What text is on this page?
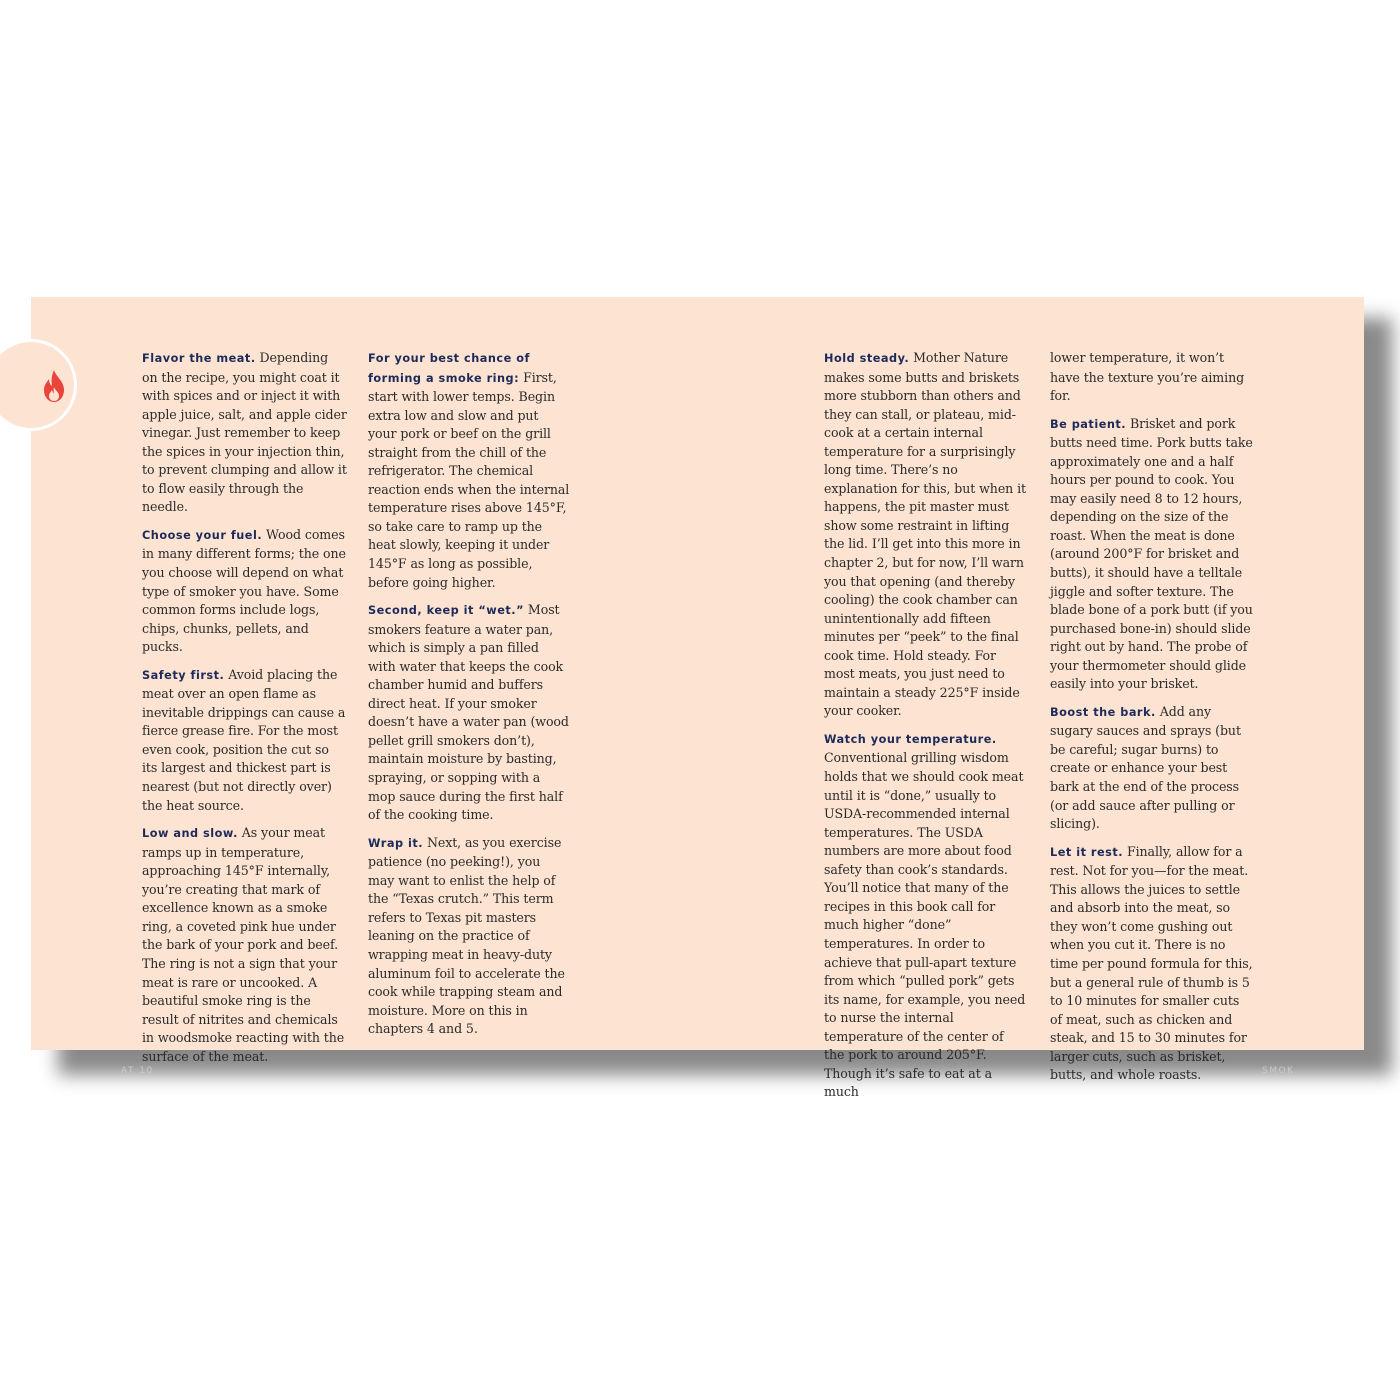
Flavor the meat. Depending on the recipe, you might coat it with spices and or inject it with apple juice, salt, and apple cider vinegar. Just remember to keep the spices in your injection thin, to prevent clumping and allow it to flow easily through the needle.

Choose your fuel. Wood comes in many different forms; the one you choose will depend on what type of smoker you have. Some common forms include logs, chips, chunks, pellets, and pucks.

Safety first. Avoid placing the meat over an open flame as inevitable drippings can cause a fierce grease fire. For the most even cook, position the cut so its largest and thickest part is nearest (but not directly over) the heat source.

Low and slow. As your meat ramps up in temperature, approaching 145°F internally, you’re creating that mark of excellence known as a smoke ring, a coveted pink hue under the bark of your pork and beef. The ring is not a sign that your meat is rare or uncooked. A beautiful smoke ring is the result of nitrites and chemicals in woodsmoke reacting with the surface of the meat.

For your best chance of forming a smoke ring: First, start with lower temps. Begin extra low and slow and put your pork or beef on the grill straight from the chill of the refrigerator. The chemical reaction ends when the internal temperature rises above 145°F, so take care to ramp up the heat slowly, keeping it under 145°F as long as possible, before going higher.

Second, keep it “wet.” Most smokers feature a water pan, which is simply a pan filled with water that keeps the cook chamber humid and buffers direct heat. If your smoker doesn’t have a water pan (wood pellet grill smokers don’t), maintain moisture by basting, spraying, or sopping with a mop sauce during the first half of the cooking time.

Wrap it. Next, as you exercise patience (no peeking!), you may want to enlist the help of the “Texas crutch.” This term refers to Texas pit masters leaning on the practice of wrapping meat in heavy-duty aluminum foil to accelerate the cook while trapping steam and moisture. More on this in chapters 4 and 5.

Hold steady. Mother Nature makes some butts and briskets more stubborn than others and they can stall, or plateau, mid-cook at a certain internal temperature for a surprisingly long time. There’s no explanation for this, but when it happens, the pit master must show some restraint in lifting the lid. I’ll get into this more in chapter 2, but for now, I’ll warn you that opening (and thereby cooling) the cook chamber can unintentionally add fifteen minutes per “peek” to the final cook time. Hold steady. For most meats, you just need to maintain a steady 225°F inside your cooker.

Watch your temperature. Conventional grilling wisdom holds that we should cook meat until it is “done,” usually to USDA-recommended internal temperatures. The USDA numbers are more about food safety than cook’s standards. You’ll notice that many of the recipes in this book call for much higher “done” temperatures. In order to achieve that pull-apart texture from which “pulled pork” gets its name, for example, you need to nurse the internal temperature of the center of the pork to around 205°F. Though it’s safe to eat at a much

lower temperature, it won’t have the texture you’re aiming for.

Be patient. Brisket and pork butts need time. Pork butts take approximately one and a half hours per pound to cook. You may easily need 8 to 12 hours, depending on the size of the roast. When the meat is done (around 200°F for brisket and butts), it should have a telltale jiggle and softer texture. The blade bone of a pork butt (if you purchased bone-in) should slide right out by hand. The probe of your thermometer should glide easily into your brisket.

Boost the bark. Add any sugary sauces and sprays (but be careful; sugar burns) to create or enhance your best bark at the end of the process (or add sauce after pulling or slicing).

Let it rest. Finally, allow for a rest. Not for you—for the meat. This allows the juices to settle and absorb into the meat, so they won’t come gushing out when you cut it. There is no time per pound formula for this, but a general rule of thumb is 5 to 10 minutes for smaller cuts of meat, such as chicken and steak, and 15 to 30 minutes for larger cuts, such as brisket, butts, and whole roasts.

AT 10	SMOK
